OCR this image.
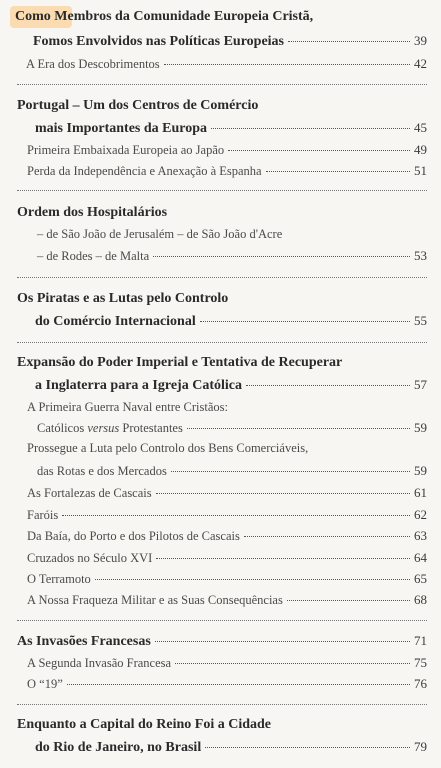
Como Membros da Comunidade Europeia Cristã,
Fomos Envolvidos nas Políticas Europeias	39
A Era dos Descobrimentos	42
Portugal – Um dos Centros de Comércio
mais Importantes da Europa	45
Primeira Embaixada Europeia ao Japão	49
Perda da Independência e Anexação à Espanha	51
Ordem dos Hospitalários
– de São João de Jerusalém – de São João d'Acre
– de Rodes – de Malta	53
Os Piratas e as Lutas pelo Controlo
do Comércio Internacional	55
Expansão do Poder Imperial e Tentativa de Recuperar
a Inglaterra para a Igreja Católica	57
A Primeira Guerra Naval entre Cristãos:
Católicos versus Protestantes	59
Prossegue a Luta pelo Controlo dos Bens Comerciáveis,
das Rotas e dos Mercados	59
As Fortalezas de Cascais	61
Faróis	62
Da Baía, do Porto e dos Pilotos de Cascais	63
Cruzados no Século XVI	64
O Terramoto	65
A Nossa Fraqueza Militar e as Suas Consequências	68
As Invasões Francesas	71
A Segunda Invasão Francesa	75
O “19”	76
Enquanto a Capital do Reino Foi a Cidade
do Rio de Janeiro, no Brasil	79
